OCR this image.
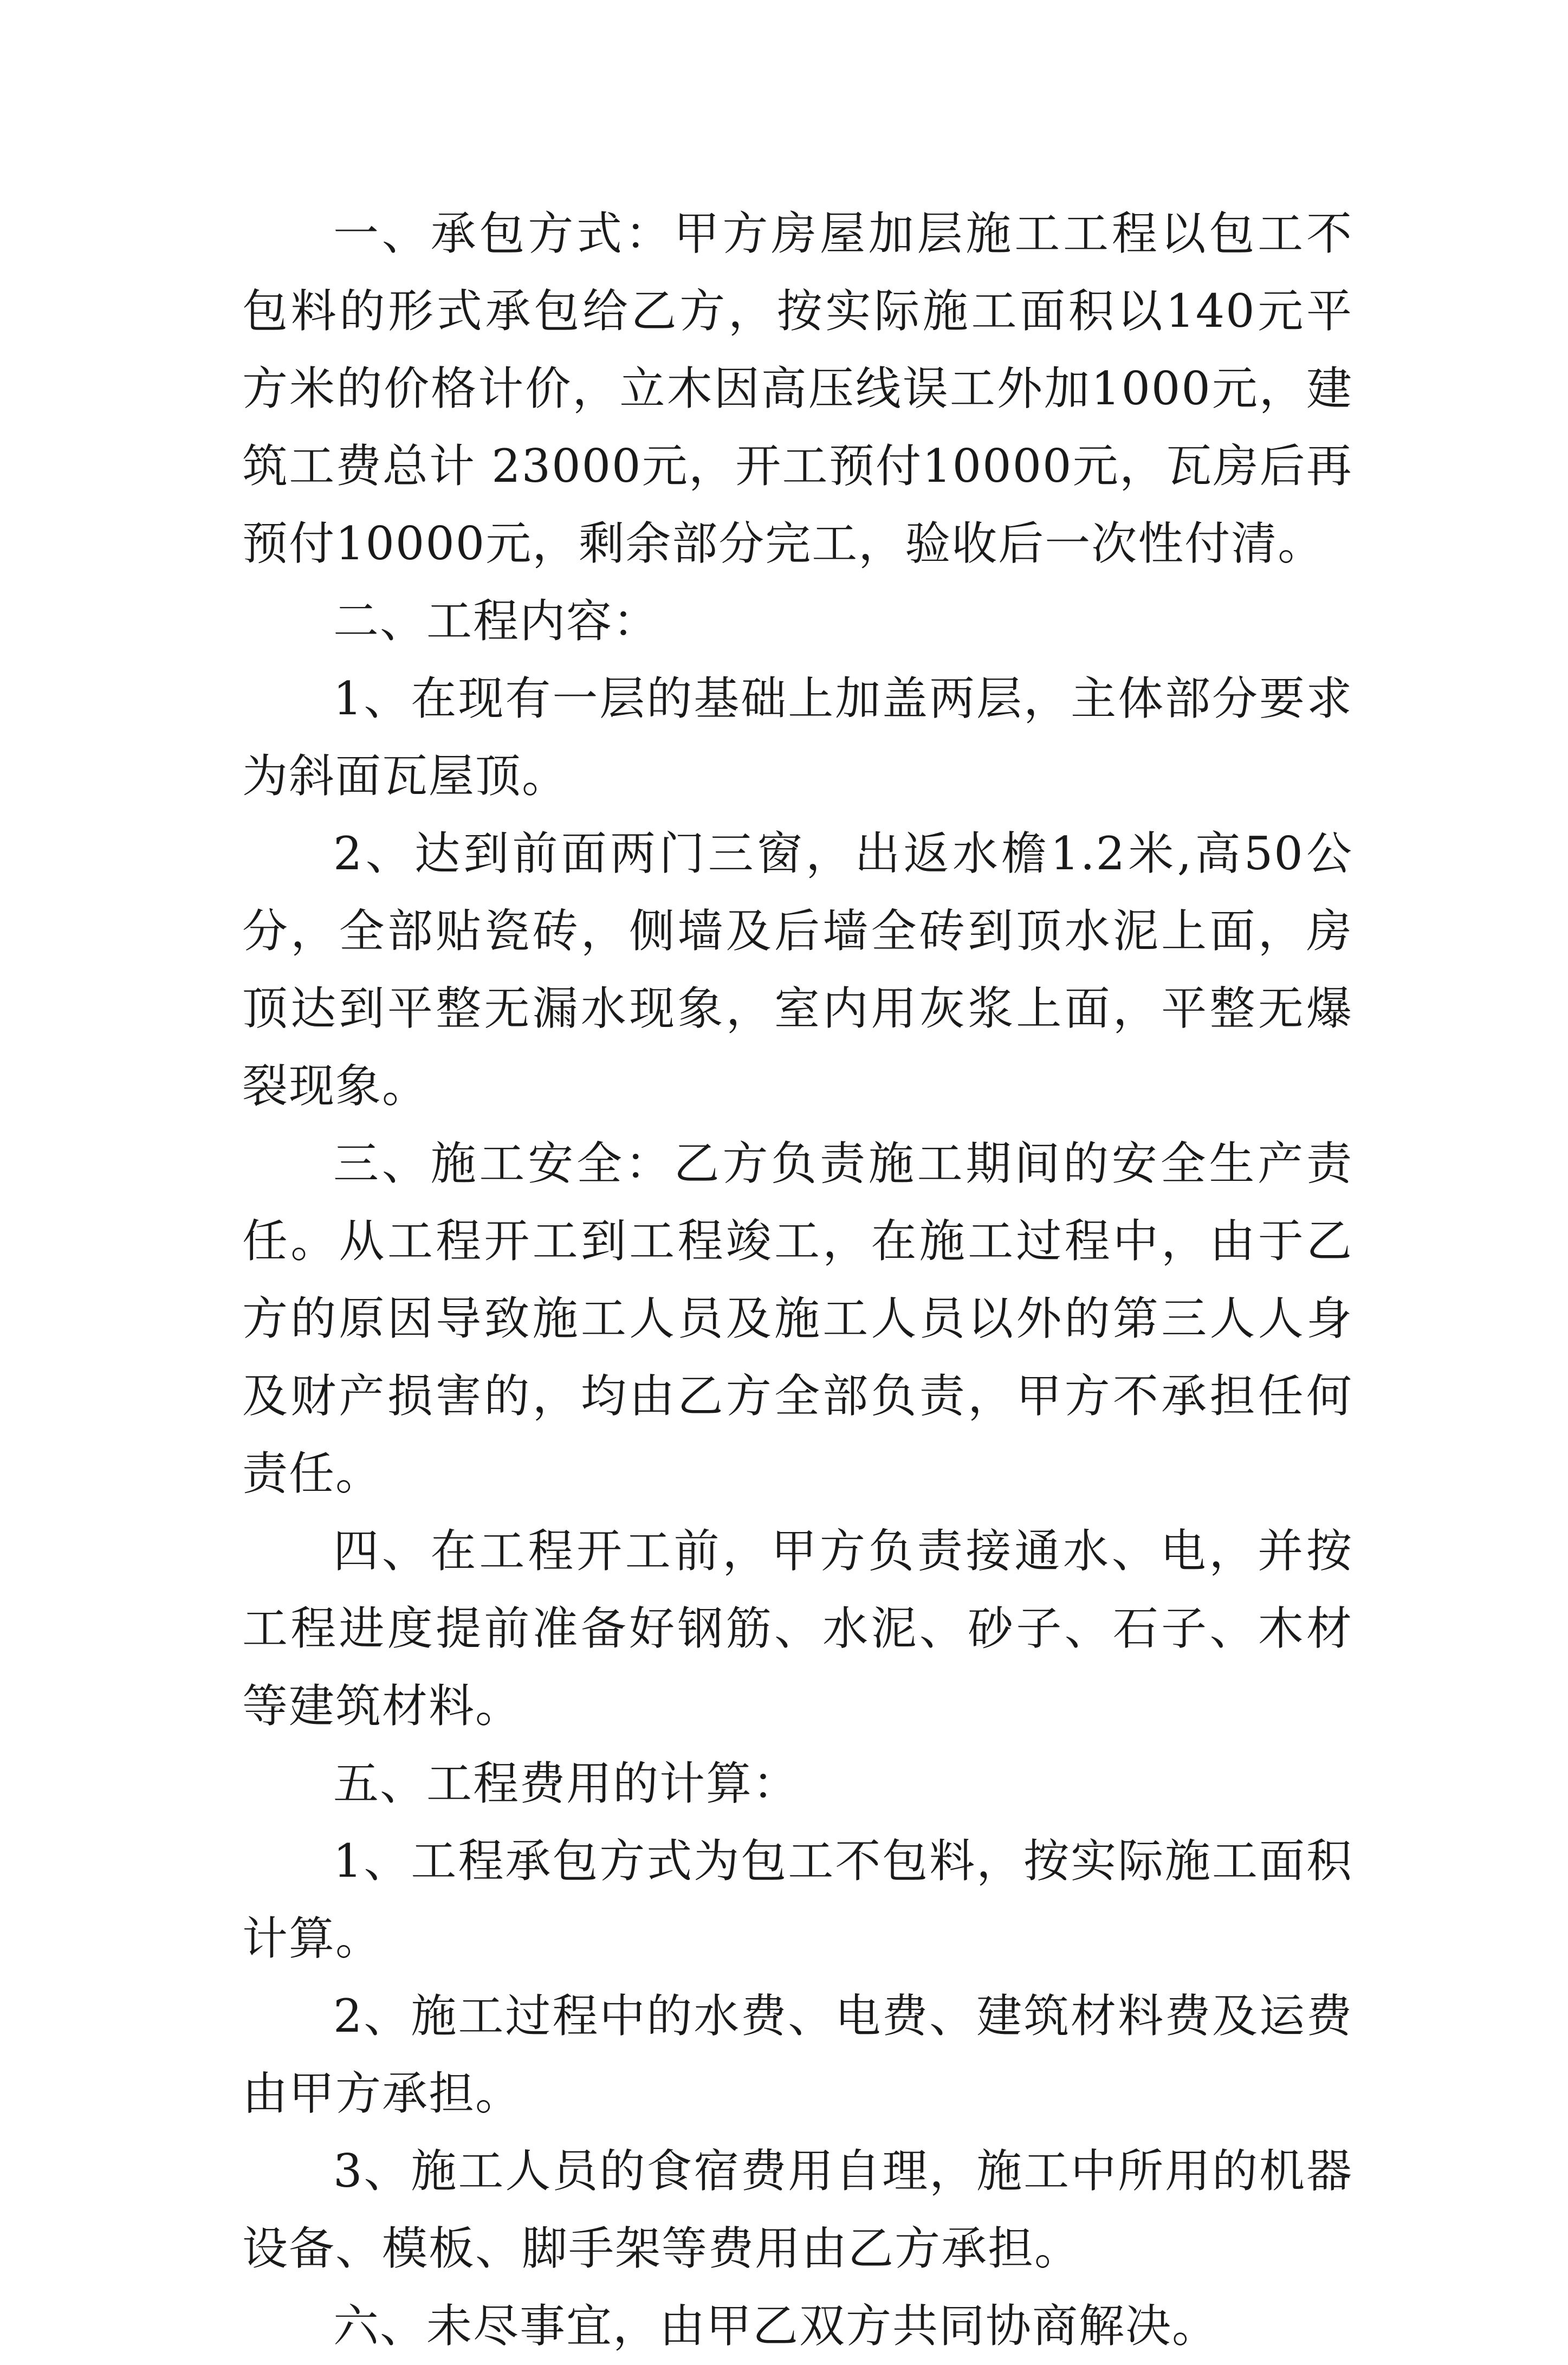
一、承包方式：甲方房屋加层施工工程以包工不包料的形式承包给乙方，按实际施工面积以140元平方米的价格计价，立木因高压线误工外加1000元，建筑工费总计 23000元，开工预付10000元，瓦房后再预付10000元，剩余部分完工，验收后一次性付清。

二、工程内容：

1、在现有一层的基础上加盖两层，主体部分要求为斜面瓦屋顶。

2、达到前面两门三窗，出返水檐1.2米,高50公分，全部贴瓷砖，侧墙及后墙全砖到顶水泥上面，房顶达到平整无漏水现象，室内用灰浆上面，平整无爆裂现象。

三、施工安全：乙方负责施工期间的安全生产责任。从工程开工到工程竣工，在施工过程中，由于乙方的原因导致施工人员及施工人员以外的第三人人身及财产损害的，均由乙方全部负责，甲方不承担任何责任。

四、在工程开工前，甲方负责接通水、电，并按工程进度提前准备好钢筋、水泥、砂子、石子、木材等建筑材料。

五、工程费用的计算：

1、工程承包方式为包工不包料，按实际施工面积计算。

2、施工过程中的水费、电费、建筑材料费及运费由甲方承担。

3、施工人员的食宿费用自理，施工中所用的机器设备、模板、脚手架等费用由乙方承担。

六、未尽事宜，由甲乙双方共同协商解决。
